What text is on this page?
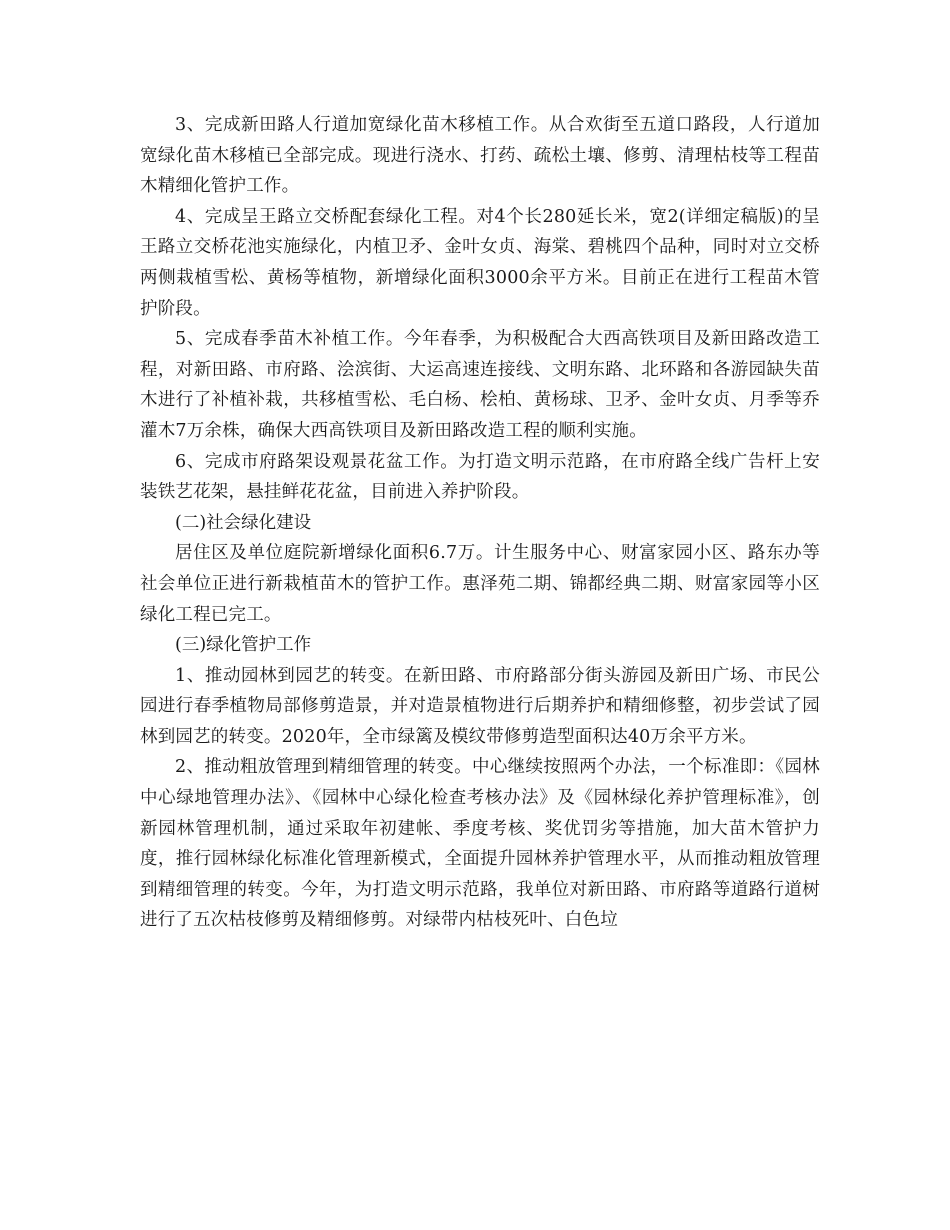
3、完成新田路人行道加宽绿化苗木移植工作。从合欢街至五道口路段，人行道加宽绿化苗木移植已全部完成。现进行浇水、打药、疏松土壤、修剪、清理枯枝等工程苗木精细化管护工作。

4、完成呈王路立交桥配套绿化工程。对4个长280延长米，宽2(详细定稿版)的呈王路立交桥花池实施绿化，内植卫矛、金叶女贞、海棠、碧桃四个品种，同时对立交桥两侧栽植雪松、黄杨等植物，新增绿化面积3000余平方米。目前正在进行工程苗木管护阶段。

5、完成春季苗木补植工作。今年春季，为积极配合大西高铁项目及新田路改造工程，对新田路、市府路、浍滨街、大运高速连接线、文明东路、北环路和各游园缺失苗木进行了补植补栽，共移植雪松、毛白杨、桧柏、黄杨球、卫矛、金叶女贞、月季等乔灌木7万余株，确保大西高铁项目及新田路改造工程的顺利实施。

6、完成市府路架设观景花盆工作。为打造文明示范路，在市府路全线广告杆上安装铁艺花架，悬挂鲜花花盆，目前进入养护阶段。

(二)社会绿化建设

居住区及单位庭院新增绿化面积6.7万。计生服务中心、财富家园小区、路东办等社会单位正进行新栽植苗木的管护工作。惠泽苑二期、锦都经典二期、财富家园等小区绿化工程已完工。

(三)绿化管护工作

1、推动园林到园艺的转变。在新田路、市府路部分街头游园及新田广场、市民公园进行春季植物局部修剪造景，并对造景植物进行后期养护和精细修整，初步尝试了园林到园艺的转变。2020年，全市绿篱及模纹带修剪造型面积达40万余平方米。

2、推动粗放管理到精细管理的转变。中心继续按照两个办法，一个标准即：《园林中心绿地管理办法》、《园林中心绿化检查考核办法》及《园林绿化养护管理标准》，创新园林管理机制，通过采取年初建帐、季度考核、奖优罚劣等措施，加大苗木管护力度，推行园林绿化标准化管理新模式，全面提升园林养护管理水平，从而推动粗放管理到精细管理的转变。今年，为打造文明示范路，我单位对新田路、市府路等道路行道树进行了五次枯枝修剪及精细修剪。对绿带内枯枝死叶、白色垃
